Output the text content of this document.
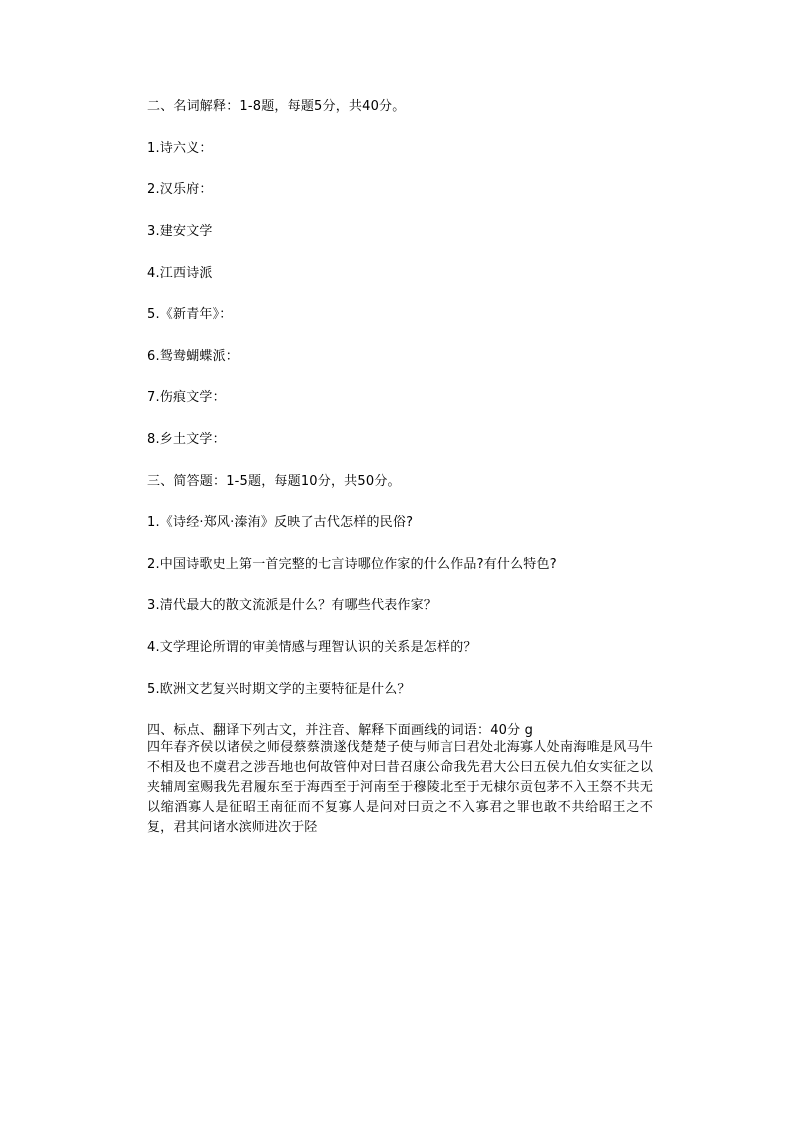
二、名词解释：1-8题，每题5分，共40分。
1.诗六义：
2.汉乐府：
3.建安文学
4.江西诗派
5.《新青年》：
6.鸳鸯蝴蝶派：
7.伤痕文学：
8.乡土文学：
三、简答题：1-5题，每题10分，共50分。
1.《诗经·郑风·溱洧》反映了古代怎样的民俗?
2.中国诗歌史上第一首完整的七言诗哪位作家的什么作品?有什么特色?
3.清代最大的散文流派是什么？有哪些代表作家？
4.文学理论所谓的审美情感与理智认识的关系是怎样的？
5.欧洲文艺复兴时期文学的主要特征是什么？
四、标点、翻译下列古文，并注音、解释下面画线的词语：40分 g
四年春齐侯以诸侯之师侵蔡蔡溃遂伐楚楚子使与师言曰君处北海寡人处南海唯是风马牛不相及也不虞君之涉吾地也何故管仲对曰昔召康公命我先君大公曰五侯九伯女实征之以夹辅周室赐我先君履东至于海西至于河南至于穆陵北至于无棣尔贡包茅不入王祭不共无以缩酒寡人是征昭王南征而不复寡人是问对曰贡之不入寡君之罪也敢不共给昭王之不复，君其问诸水滨师进次于陉
